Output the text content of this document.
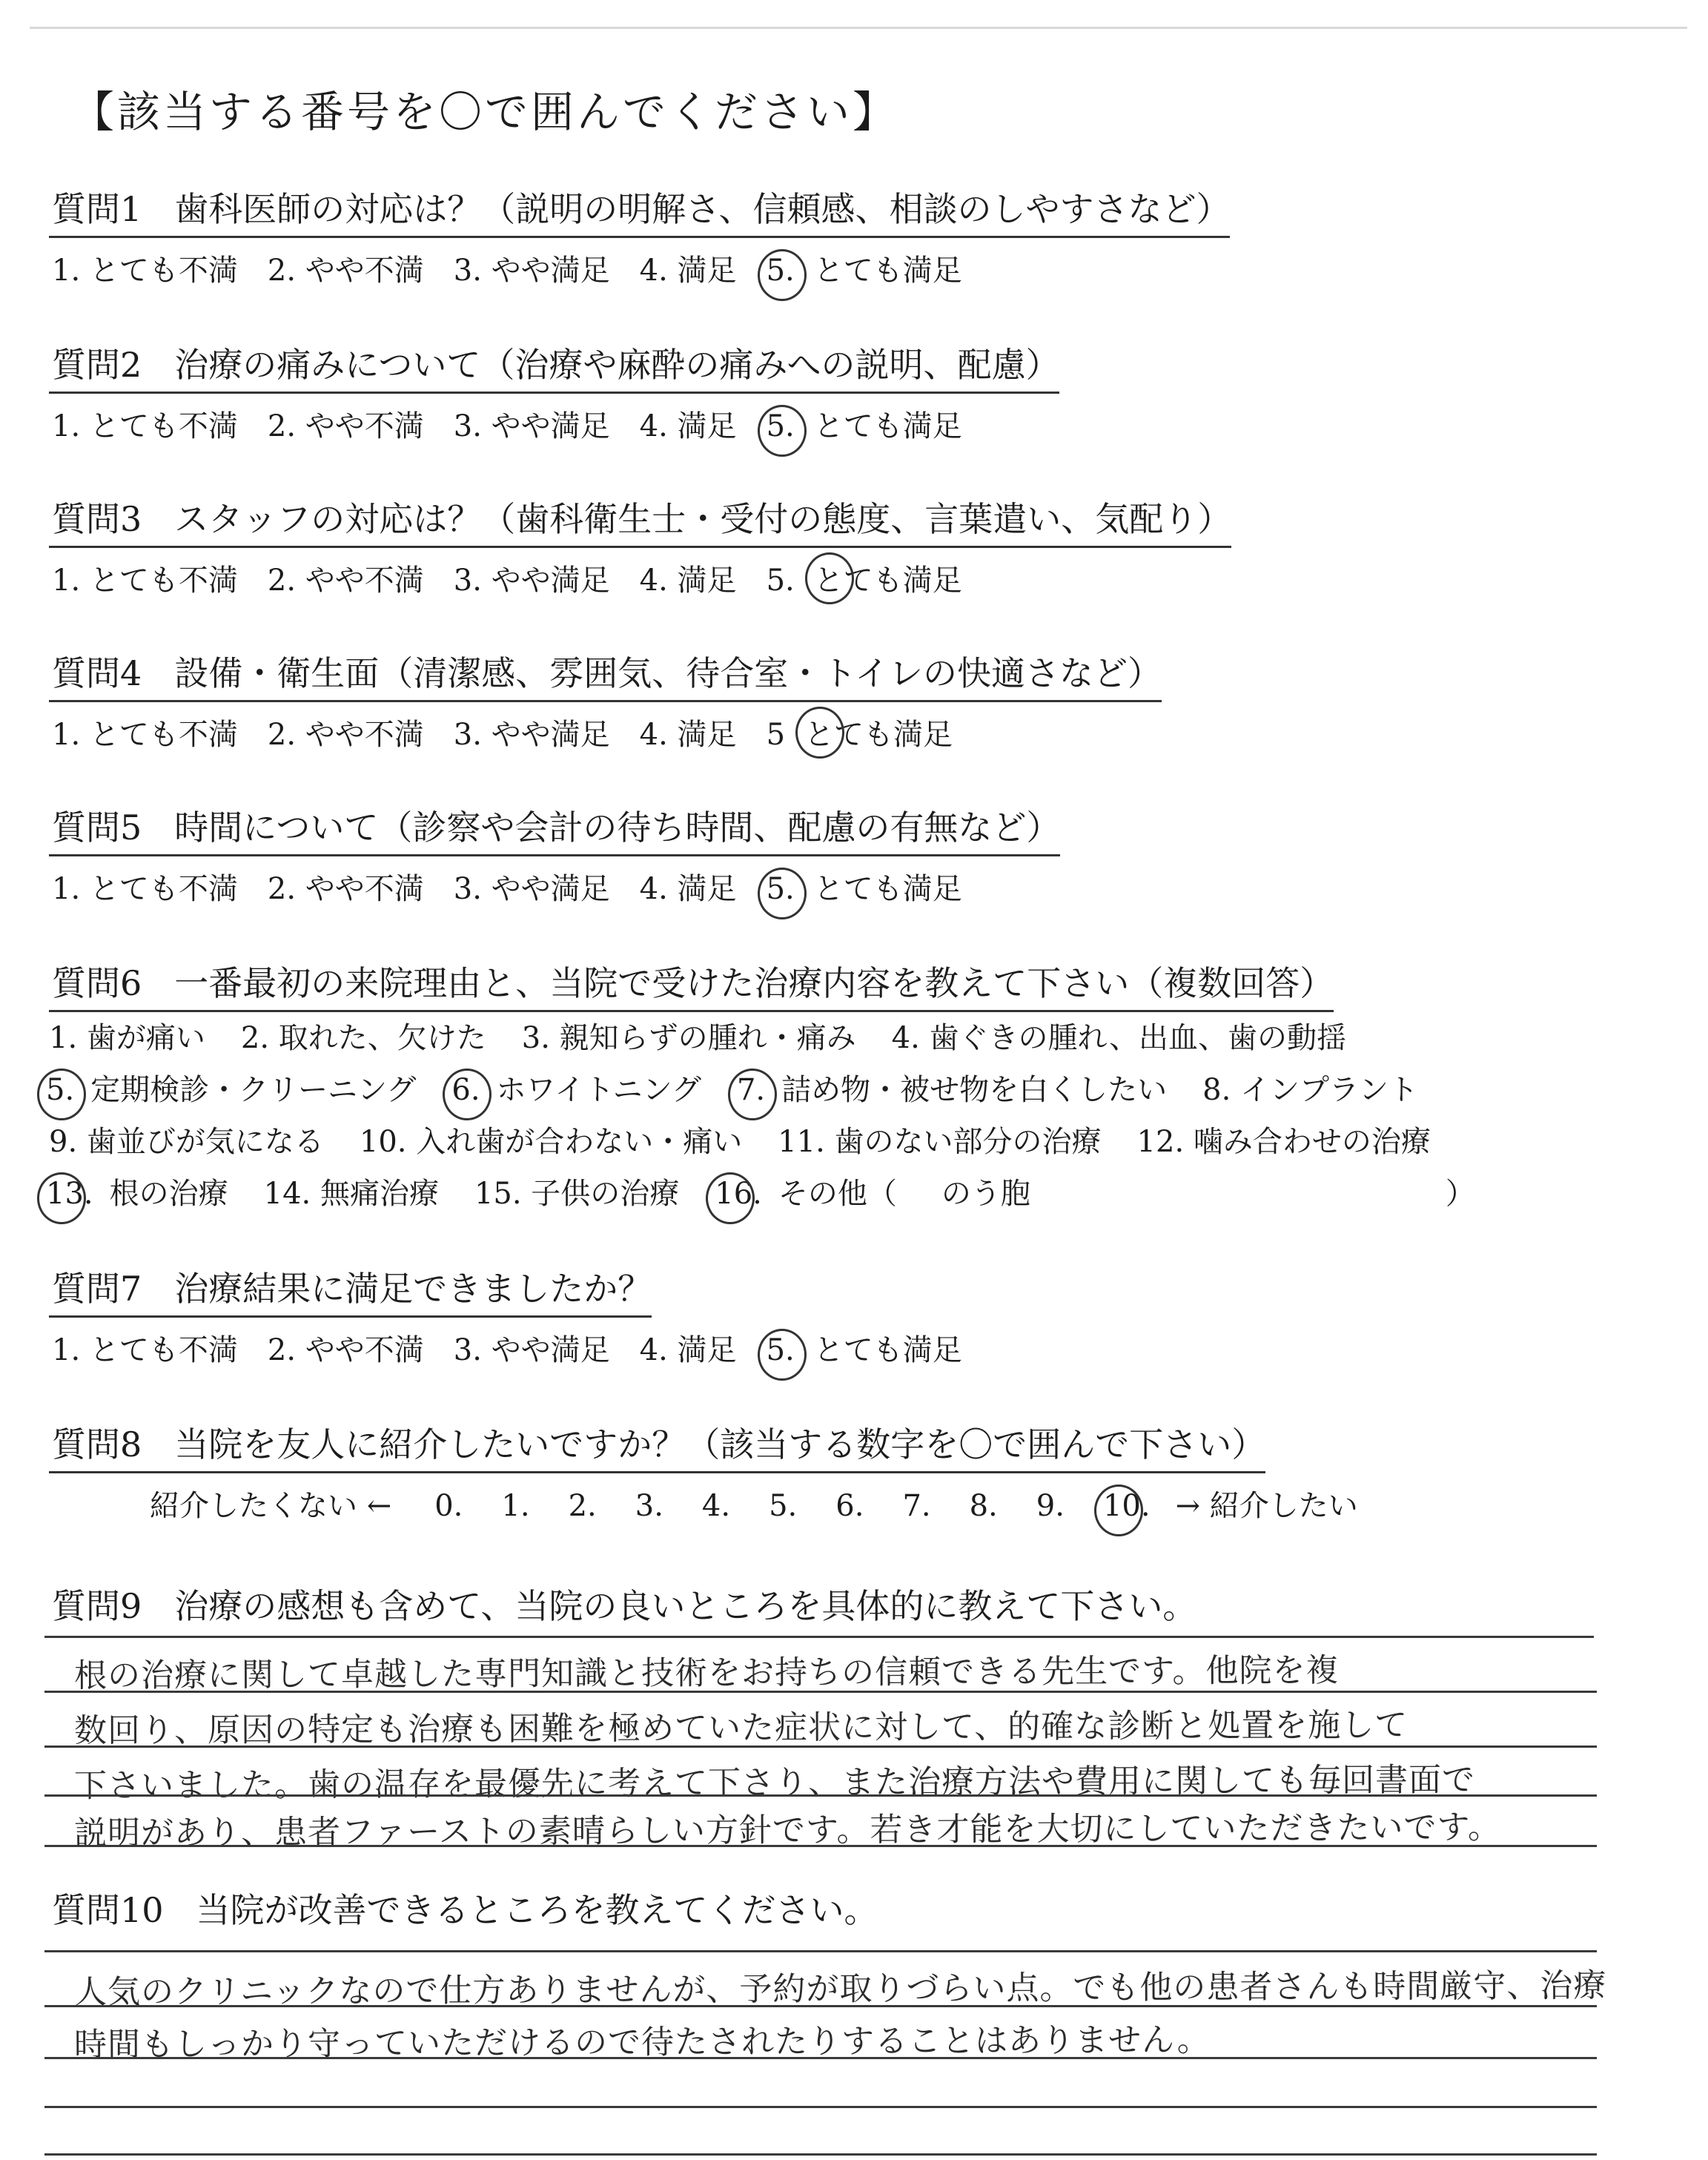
【該当する番号を〇で囲んでください】
質問1 歯科医師の対応は？（説明の明解さ、信頼感、相談のしやすさなど）
1. とても不満 2. やや不満 3. やや満足 4. 満足 5. とても満足
質問2 治療の痛みについて（治療や麻酔の痛みへの説明、配慮）
1. とても不満 2. やや不満 3. やや満足 4. 満足 5. とても満足
質問3 スタッフの対応は？（歯科衛生士・受付の態度、言葉遣い、気配り）
1. とても不満 2. やや不満 3. やや満足 4. 満足 5. とても満足
質問4 設備・衛生面（清潔感、雰囲気、待合室・トイレの快適さなど）
1. とても不満 2. やや不満 3. やや満足 4. 満足 5 とても満足
質問5 時間について（診察や会計の待ち時間、配慮の有無など）
1. とても不満 2. やや不満 3. やや満足 4. 満足 5. とても満足
質問6 一番最初の来院理由と、当院で受けた治療内容を教えて下さい（複数回答）
1. 歯が痛い 2. 取れた、欠けた 3. 親知らずの腫れ・痛み 4. 歯ぐきの腫れ、出血、歯の動揺
5. 定期検診・クリーニング 6. ホワイトニング 7. 詰め物・被せ物を白くしたい 8. インプラント
9. 歯並びが気になる 10. 入れ歯が合わない・痛い 11. 歯のない部分の治療 12. 噛み合わせの治療
13. 根の治療 14. 無痛治療 15. 子供の治療 16. その他（ のう胞	）
質問7 治療結果に満足できましたか？
1. とても不満 2. やや不満 3. やや満足 4. 満足 5. とても満足
質問8 当院を友人に紹介したいですか？（該当する数字を〇で囲んで下さい）
紹介したくない ← 0. 1. 2. 3. 4. 5. 6. 7. 8. 9. 10. → 紹介したい
質問9 治療の感想も含めて、当院の良いところを具体的に教えて下さい。
根の治療に関して卓越した専門知識と技術をお持ちの信頼できる先生です。他院を複
数回り、原因の特定も治療も困難を極めていた症状に対して、的確な診断と処置を施して
下さいました。歯の温存を最優先に考えて下さり、また治療方法や費用に関しても毎回書面で
説明があり、患者ファーストの素晴らしい方針です。若き才能を大切にしていただきたいです。
質問10 当院が改善できるところを教えてください。
人気のクリニックなので仕方ありませんが、予約が取りづらい点。でも他の患者さんも時間厳守、治療
時間もしっかり守っていただけるので待たされたりすることはありません。
